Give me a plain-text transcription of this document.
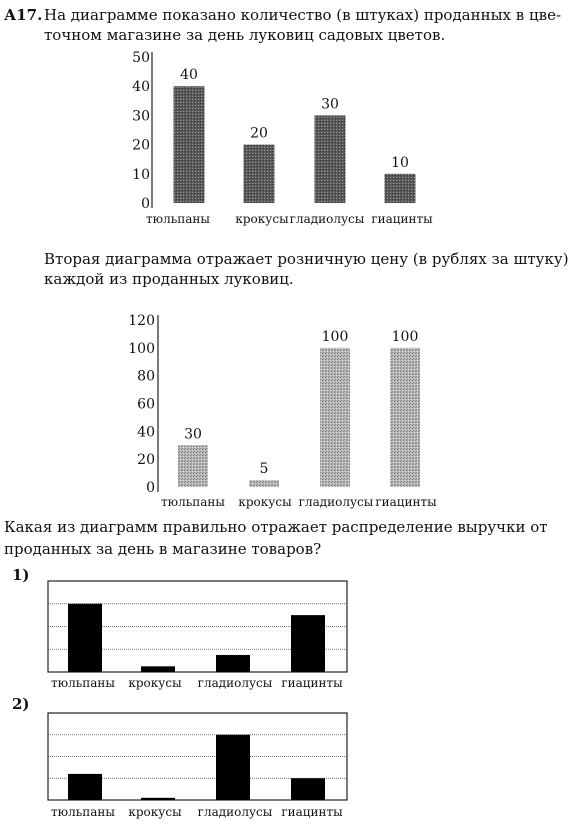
А17. На диаграмме показано количество (в штуках) проданных в цве-
точном магазине за день луковиц садовых цветов.
Вторая диаграмма отражает розничную цену (в рублях за штуку)
каждой из проданных луковиц.
Какая из диаграмм правильно отражает распределение выручки от
проданных за день в магазине товаров?
1)
2)
0
10
20
30
40
50
40
20
30
10
тюльпаны крокусы гладиолусы гиацинты
0
20
40
60
80
100
120
30
5
100	100
тюльпаны крокусы гладиолусы гиацинты
тюльпаны крокусы гладиолусы гиацинты
тюльпаны крокусы гладиолусы гиацинты
